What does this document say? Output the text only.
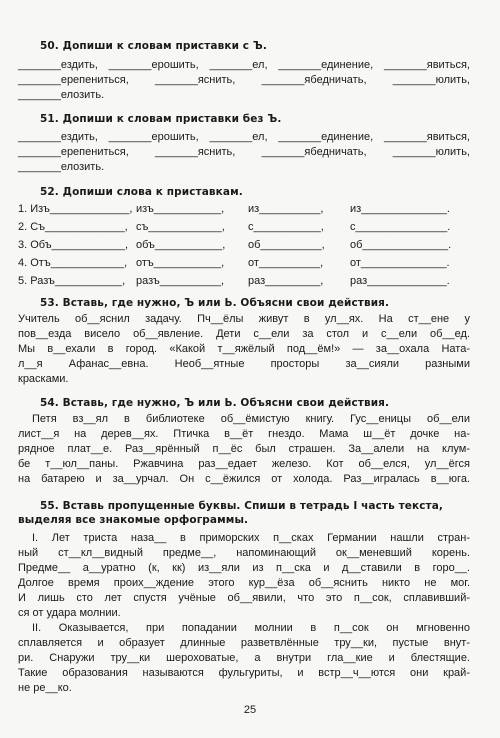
50. Допиши к словам приставки с Ъ.
_______ездить, _______ерошить, _______ел, _______единение, _______явиться,
_______ерепениться, _______яснить, _______ябедничать, _______юлить,
_______елозить.
51. Допиши к словам приставки без Ъ.
_______ездить, _______ерошить, _______ел, _______единение, _______явиться,
_______ерепениться, _______яснить, _______ябедничать, _______юлить,
_______елозить.
52. Допиши слова к приставкам.
1. Изъ_____________, изъ___________,	из__________,	из______________.
2. Съ_____________, съ____________,	с___________,	с_______________.
3. Объ____________, объ___________,	об__________,	об______________.
4. Отъ____________, отъ___________,	от__________,	от______________.
5. Разъ___________, разъ__________,	раз_________,	раз_____________.
53. Вставь, где нужно, Ъ или Ь. Объясни свои действия.
Учитель об__яснил задачу. Пч__ёлы живут в ул__ях. На ст__ене у
пов__езда висело об__явление. Дети с__ели за стол и с__ели об__ед.
Мы в__ехали в город. «Какой т__яжёлый под__ём!» — за__охала Ната-
л__я Афанас__евна. Необ__ятные просторы за__сияли разными
красками.
54. Вставь, где нужно, Ъ или Ь. Объясни свои действия.
Петя вз__ял в библиотеке об__ёмистую книгу. Гус__еницы об__ели
лист__я на дерев__ях. Птичка в__ёт гнездо. Мама ш__ёт дочке на-
рядное плат__е. Раз__ярённый п__ёс был страшен. За__алели на клум-
бе т__юл__паны. Ржавчина раз__едает железо. Кот об__елся, ул__ёгся
на батарею и за__урчал. Он с__ёжился от холода. Раз__игралась в__юга.
55. Вставь пропущенные буквы. Спиши в тетрадь I часть текста,
выделяя все знакомые орфограммы.
I. Лет триста наза__ в приморских п__сках Германии нашли стран-
ный ст__кл__видный предме__, напоминающий ок__меневший корень.
Предме__ а__уратно (к, кк) из__яли из п__ска и д__ставили в горо__.
Долгое время проих__ждение этого кур__ёза об__яснить никто не мог.
И лишь сто лет спустя учёные об__явили, что это п__сок, сплавивший-
ся от удара молнии.
II. Оказывается, при попадании молнии в п__сок он мгновенно
сплавляется и образует длинные разветвлённые тру__ки, пустые внут-
ри. Снаружи тру__ки шероховатые, а внутри гла__кие и блестящие.
Такие образования называются фульгуриты, и встр__ч__ются они край-
не ре__ко.
25
